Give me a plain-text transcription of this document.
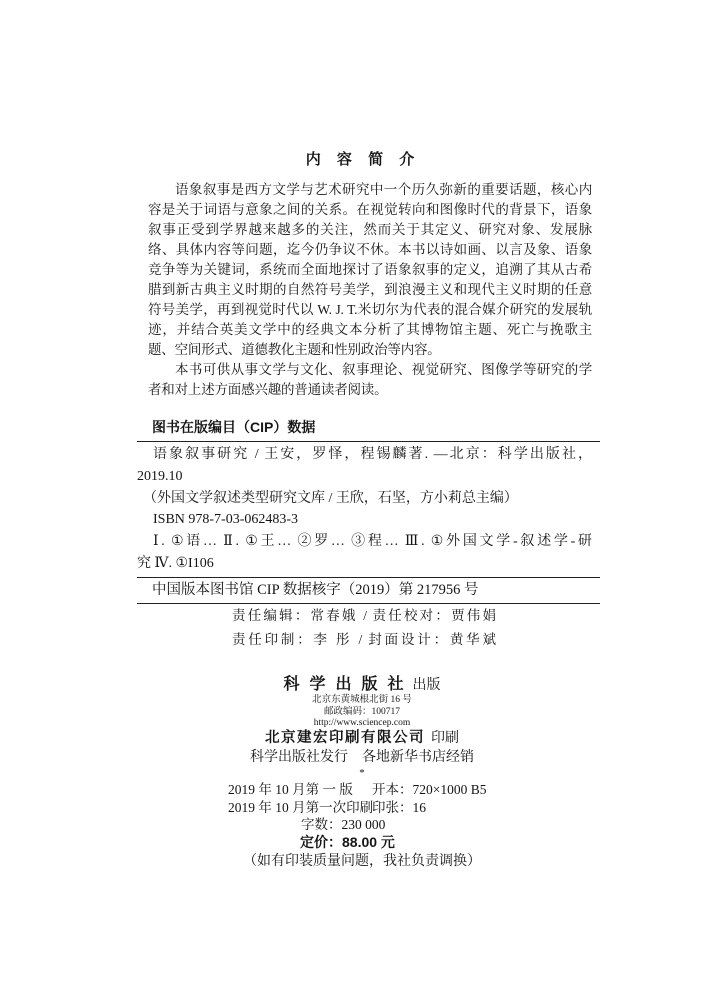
内 容 简 介
语象叙事是西方文学与艺术研究中一个历久弥新的重要话题，核心内
容是关于词语与意象之间的关系。在视觉转向和图像时代的背景下，语象
叙事正受到学界越来越多的关注，然而关于其定义、研究对象、发展脉
络、具体内容等问题，迄今仍争议不休。本书以诗如画、以言及象、语象
竞争等为关键词，系统而全面地探讨了语象叙事的定义，追溯了其从古希
腊到新古典主义时期的自然符号美学，到浪漫主义和现代主义时期的任意
符号美学，再到视觉时代以 W. J. T.米切尔为代表的混合媒介研究的发展轨
迹，并结合英美文学中的经典文本分析了其博物馆主题、死亡与挽歌主
题、空间形式、道德教化主题和性别政治等内容。
本书可供从事文学与文化、叙事理论、视觉研究、图像学等研究的学
者和对上述方面感兴趣的普通读者阅读。
图书在版编目（CIP）数据
语象叙事研究 / 王安，罗怿，程锡麟著. —北京：科学出版社，
2019.10
（外国文学叙述类型研究文库 / 王欣，石坚，方小莉总主编）
ISBN 978-7-03-062483-3
Ⅰ. ①语… Ⅱ. ①王… ②罗… ③程… Ⅲ. ①外国文学-叙述学-研
究 Ⅳ. ①I106
中国版本图书馆 CIP 数据核字（2019）第 217956 号
责任编辑：常春娥 / 责任校对：贾伟娟
责任印制：李 彤 / 封面设计：黄华斌
科 学 出 版 社 出版
北京东黄城根北街 16 号
邮政编码：100717
http://www.sciencep.com
北京建宏印刷有限公司 印刷
科学出版社发行 各地新华书店经销
*
2019 年 10 月第 一 版 开本：720×1000 B5
2019 年 10 月第一次印刷
印张：16
字数：230 000
定价：88.00 元
（如有印装质量问题，我社负责调换）
